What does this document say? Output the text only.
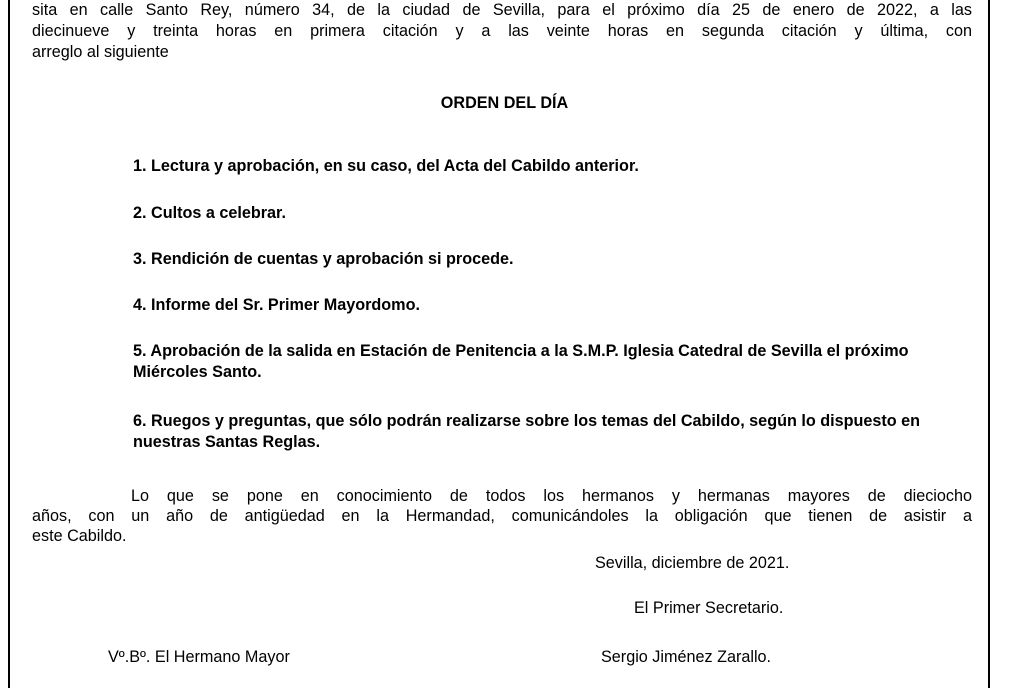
sita en calle Santo Rey, número 34, de la ciudad de Sevilla, para el próximo día 25 de enero de 2022, a las
diecinueve y treinta horas en primera citación y a las veinte horas en segunda citación y última, con
arreglo al siguiente
ORDEN DEL DÍA
1. Lectura y aprobación, en su caso, del Acta del Cabildo anterior.
2. Cultos a celebrar.
3. Rendición de cuentas y aprobación si procede.
4. Informe del Sr. Primer Mayordomo.
5. Aprobación de la salida en Estación de Penitencia a la S.M.P. Iglesia Catedral de Sevilla el próximo Miércoles Santo.
6. Ruegos y preguntas, que sólo podrán realizarse sobre los temas del Cabildo, según lo dispuesto en nuestras Santas Reglas.
Lo que se pone en conocimiento de todos los hermanos y hermanas mayores de dieciocho
años, con un año de antigüedad en la Hermandad, comunicándoles la obligación que tienen de asistir a
este Cabildo.
Sevilla, diciembre de 2021.
El Primer Secretario.
Vº.Bº. El Hermano Mayor	Sergio Jiménez Zarallo.
